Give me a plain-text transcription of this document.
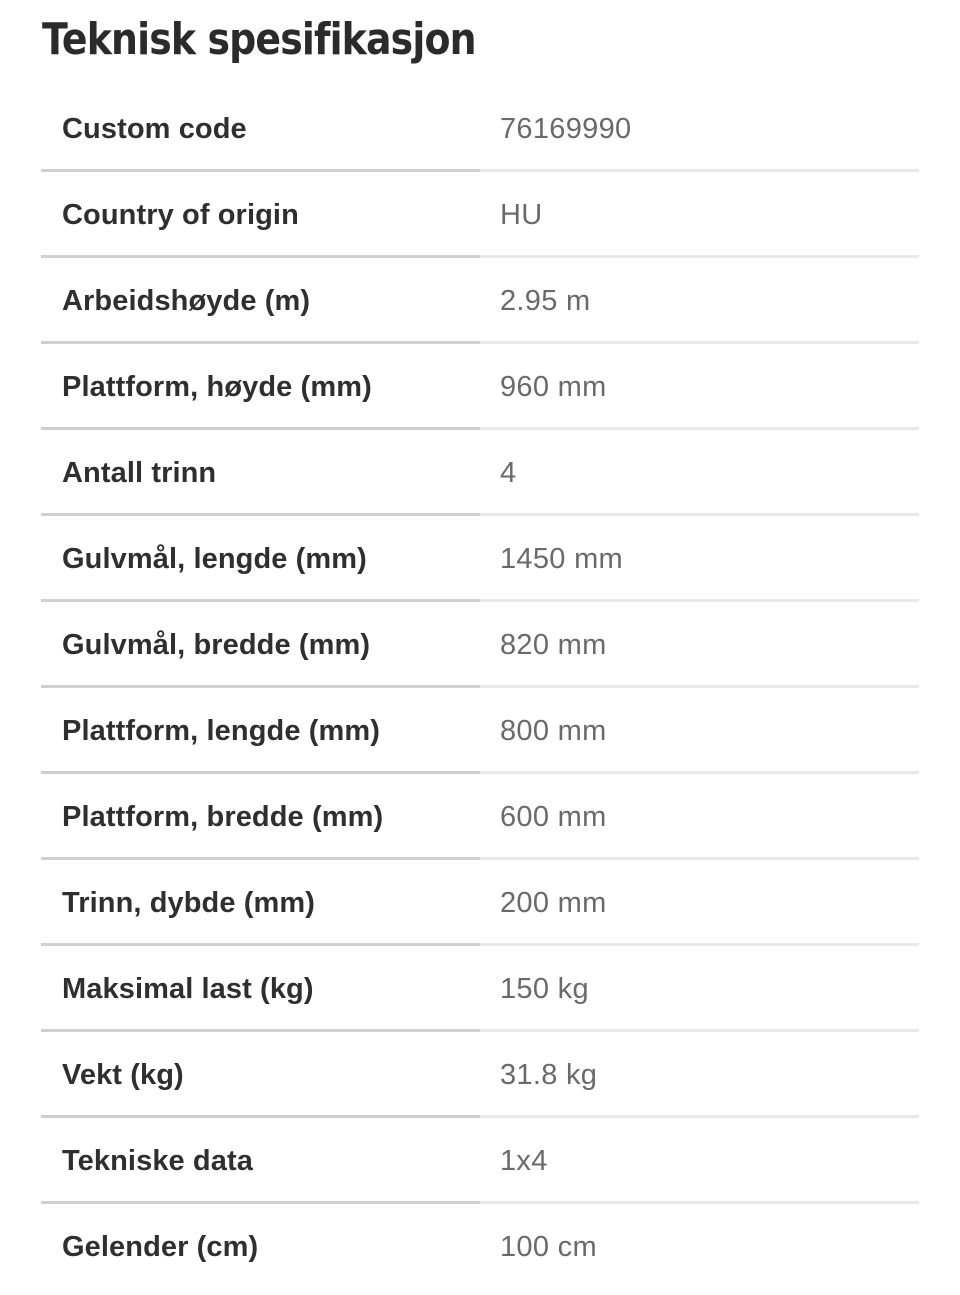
Teknisk spesifikasjon
Custom code	76169990
Country of origin	HU
Arbeidshøyde (m)	2.95 m
Plattform, høyde (mm)	960 mm
Antall trinn	4
Gulvmål, lengde (mm)	1450 mm
Gulvmål, bredde (mm)	820 mm
Plattform, lengde (mm)	800 mm
Plattform, bredde (mm)	600 mm
Trinn, dybde (mm)	200 mm
Maksimal last (kg)	150 kg
Vekt (kg)	31.8 kg
Tekniske data	1x4
Gelender (cm)	100 cm
